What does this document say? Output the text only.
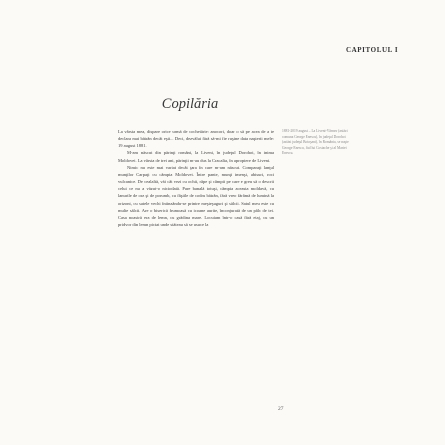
CAPITOLUL I
Copilăria

La vârsta mea, dispare orice urmă de cochetărie: anocori, doar o să pe acea de a te declara mai bătrân decât eşti... Deci, dezvălui fără să-mi fie ruşine data naşterii mele: 19 august 1881.

M-am născut din părinţi români, la Liveni, în judeţul Dorohoi, în inima Moldovei. La vârsta de trei ani, părinţii m-au dus la Cracalia, în apropiere de Liveni.

Nimic nu este mai variat decât ţara în care m-am născut. Comparaţi lanţul munţilor Carpaţi cu câmpia Moldovei. Între pante, munţi imenşi, abisuri, roci vulcanice. De cealaltă, văi cât vezi cu ochii, râpe şi câmpii pe care e greu să o descrii celui ce nu a văzut-o niciodată. Pare banală totuşi, câmpia aceasta moldavă, cu lanurile de orz şi de porumb, cu fâşiile de codru bătrân, fără vreo fărâmă de lumină la orizont, cu satele vechi întinzându-se printre meşteşuguri şi sălcii. Satul meu este cu multe sălcii. Are o biserică frumoasă cu icoane aurite, înconjurată de un pâlc de tei. Casa noastră era de lemn, cu grădina mare. Locuiam într-o casă fără etaj, cu un pridvor din lemn pictat unde stăteau să se usuce la

1881-2019 august – La Liveni-Vârnav (astăzi comuna George Enescu), în judeţul Dorohoi (astăzi judeţul Botoşani), în România, se naşte George Enescu, fiul lui Costache şi al Mariei Enescu.
27
